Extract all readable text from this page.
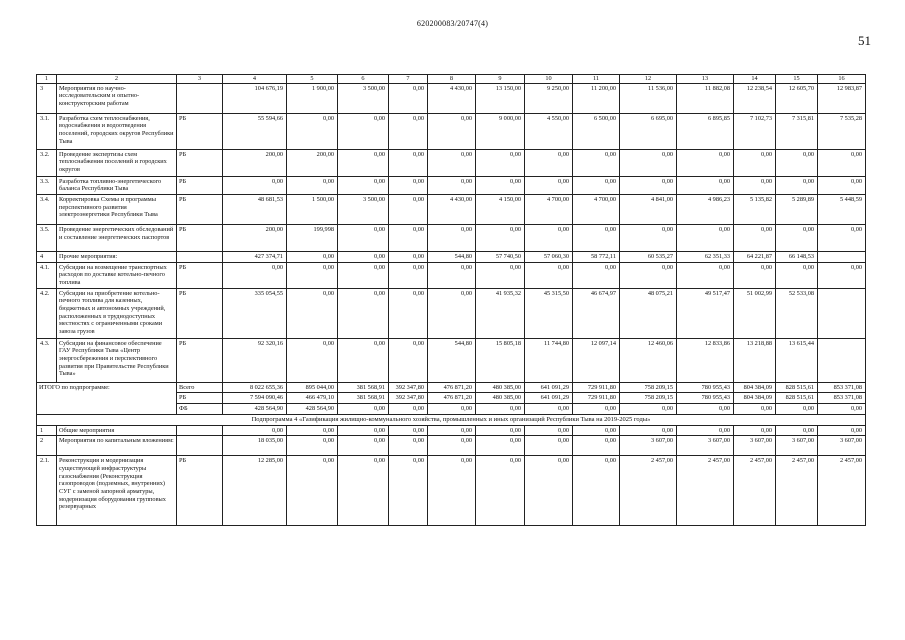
620200083/20747(4)
51
1	2	3	4	5	6	7	8	9	10	11	12	13	14	15	16
3	Мероприятия по научно-исследовательским и опытно-конструкторским работам		104 676,19	1 900,00	3 500,00	0,00	4 430,00	13 150,00	9 250,00	11 200,00	11 536,00	11 882,08	12 238,54	12 605,70	12 983,87
3.1.	Разработка схем теплоснабжения, водоснабжения и водоотведения поселений, городских округов Республики Тыва	РБ	55 594,66	0,00	0,00	0,00	0,00	9 000,00	4 550,00	6 500,00	6 695,00	6 895,85	7 102,73	7 315,81	7 535,28
3.2.	Проведение экспертизы схем теплоснабжения поселений и городских округов	РБ	200,00	200,00	0,00	0,00	0,00	0,00	0,00	0,00	0,00	0,00	0,00	0,00	0,00
3.3.	Разработка топливно-энергетического баланса Республики Тыва	РБ	0,00	0,00	0,00	0,00	0,00	0,00	0,00	0,00	0,00	0,00	0,00	0,00	0,00
3.4.	Корректировка Схемы и программы перспективного развития электроэнергетики Республики Тыва	РБ	48 681,53	1 500,00	3 500,00	0,00	4 430,00	4 150,00	4 700,00	4 700,00	4 841,00	4 986,23	5 135,82	5 289,89	5 448,59
3.5.	Проведение энергетических обследований и составление энергетических паспортов	РБ	200,00	199,998	0,00	0,00	0,00	0,00	0,00	0,00	0,00	0,00	0,00	0,00	0,00
4	Прочие мероприятия:		427 374,71	0,00	0,00	0,00	544,80	57 740,50	57 060,30	58 772,11	60 535,27	62 351,33	64 221,87	66 148,53	
4.1.	Субсидии на возмещение транспортных расходов по доставке котельно-печного топлива	РБ	0,00	0,00	0,00	0,00	0,00	0,00	0,00	0,00	0,00	0,00	0,00	0,00	0,00
4.2.	Субсидии на приобретение котельно-печного топлива для казенных, бюджетных и автономных учреждений, расположенных в труднодоступных местностях с ограниченными сроками завоза грузов	РБ	335 054,55	0,00	0,00	0,00	0,00	41 935,32	45 315,50	46 674,97	48 075,21	49 517,47	51 002,99	52 533,08	
4.3.	Субсидии на финансовое обеспечение ГАУ Республики Тыва «Центр энергосбережения и перспективного развития при Правительстве Республики Тыва»	РБ	92 320,16	0,00	0,00	0,00	544,80	15 805,18	11 744,80	12 097,14	12 460,06	12 833,86	13 218,88	13 615,44	
ИТОГО по подпрограмме:		Всего	8 022 655,36	895 044,00	381 568,91	392 347,80	476 871,20	480 385,00	641 091,29	729 911,80	758 209,15	780 955,43	804 384,09	828 515,61	853 371,08
		РБ	7 594 090,46	466 479,10	381 568,91	392 347,80	476 871,20	480 385,00	641 091,29	729 911,80	758 209,15	780 955,43	804 384,09	828 515,61	853 371,08
		ФБ	428 564,90	428 564,90	0,00	0,00	0,00	0,00	0,00	0,00	0,00	0,00	0,00	0,00	0,00
Подпрограмма 4 «Газификация жилищно-коммунального хозяйства, промышленных и иных организаций Республики Тыва на 2019-2025 годы»															
1	Общие мероприятия		0,00	0,00	0,00	0,00	0,00	0,00	0,00	0,00	0,00	0,00	0,00	0,00	0,00
2	Мероприятия по капитальным вложениям:		18 035,00	0,00	0,00	0,00	0,00	0,00	0,00	0,00	3 607,00	3 607,00	3 607,00	3 607,00	3 607,00
2.1.	Реконструкция и модернизация существующей инфраструктуры газоснабжения (Реконструкция газопроводов (подземных, внутренних) СУГ с заменой запорной арматуры, модернизация оборудования групповых резервуарных	РБ	12 285,00	0,00	0,00	0,00	0,00	0,00	0,00	0,00	2 457,00	2 457,00	2 457,00	2 457,00	2 457,00
